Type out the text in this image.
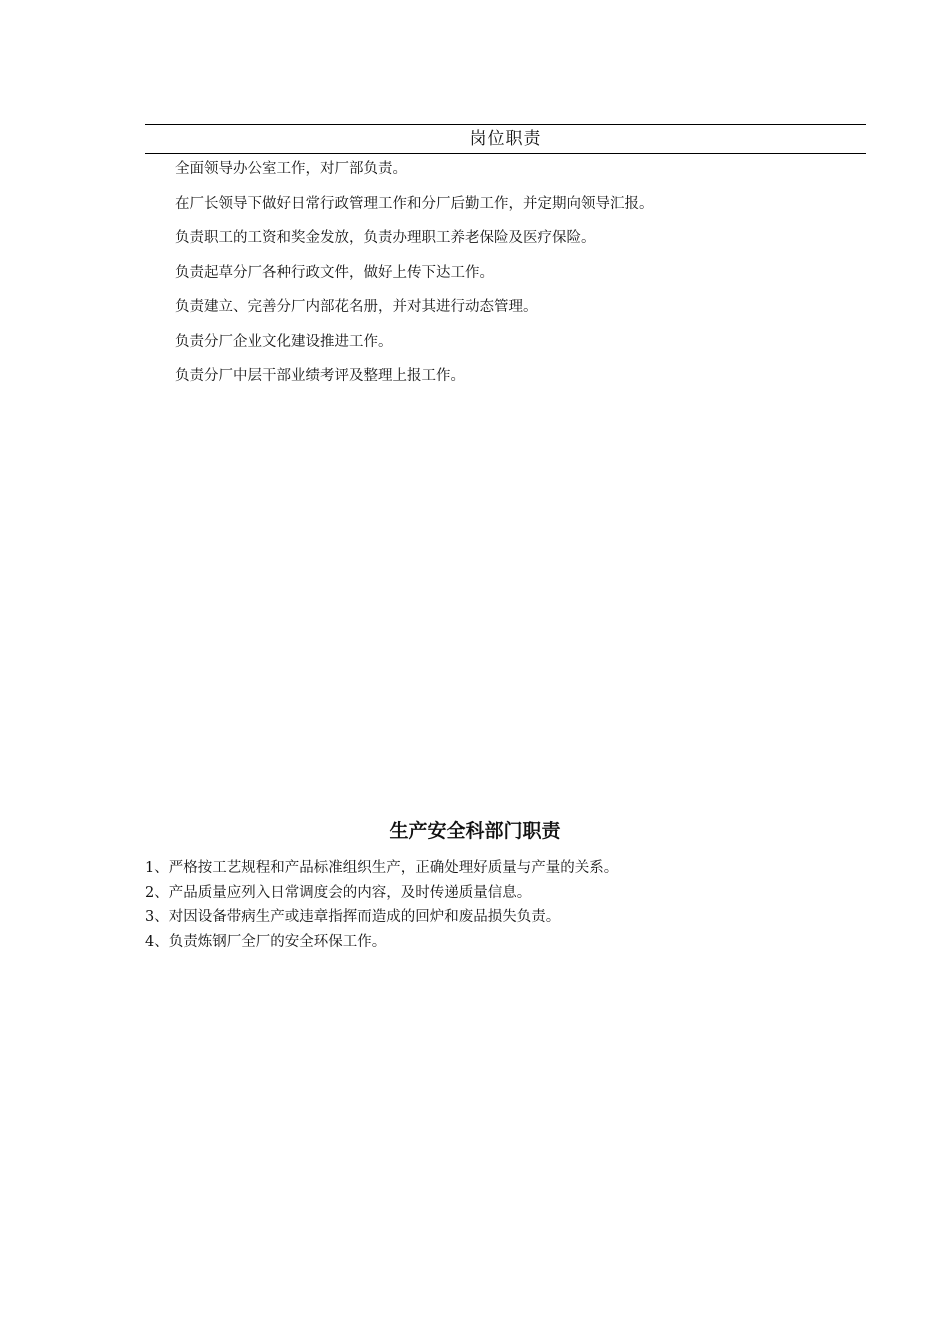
岗位职责
全面领导办公室工作，对厂部负责。
在厂长领导下做好日常行政管理工作和分厂后勤工作，并定期向领导汇报。
负责职工的工资和奖金发放，负责办理职工养老保险及医疗保险。
负责起草分厂各种行政文件，做好上传下达工作。
负责建立、完善分厂内部花名册，并对其进行动态管理。
负责分厂企业文化建设推进工作。
负责分厂中层干部业绩考评及整理上报工作。
生产安全科部门职责
1、严格按工艺规程和产品标准组织生产，正确处理好质量与产量的关系。
2、产品质量应列入日常调度会的内容，及时传递质量信息。
3、对因设备带病生产或违章指挥而造成的回炉和废品损失负责。
4、负责炼钢厂全厂的安全环保工作。
